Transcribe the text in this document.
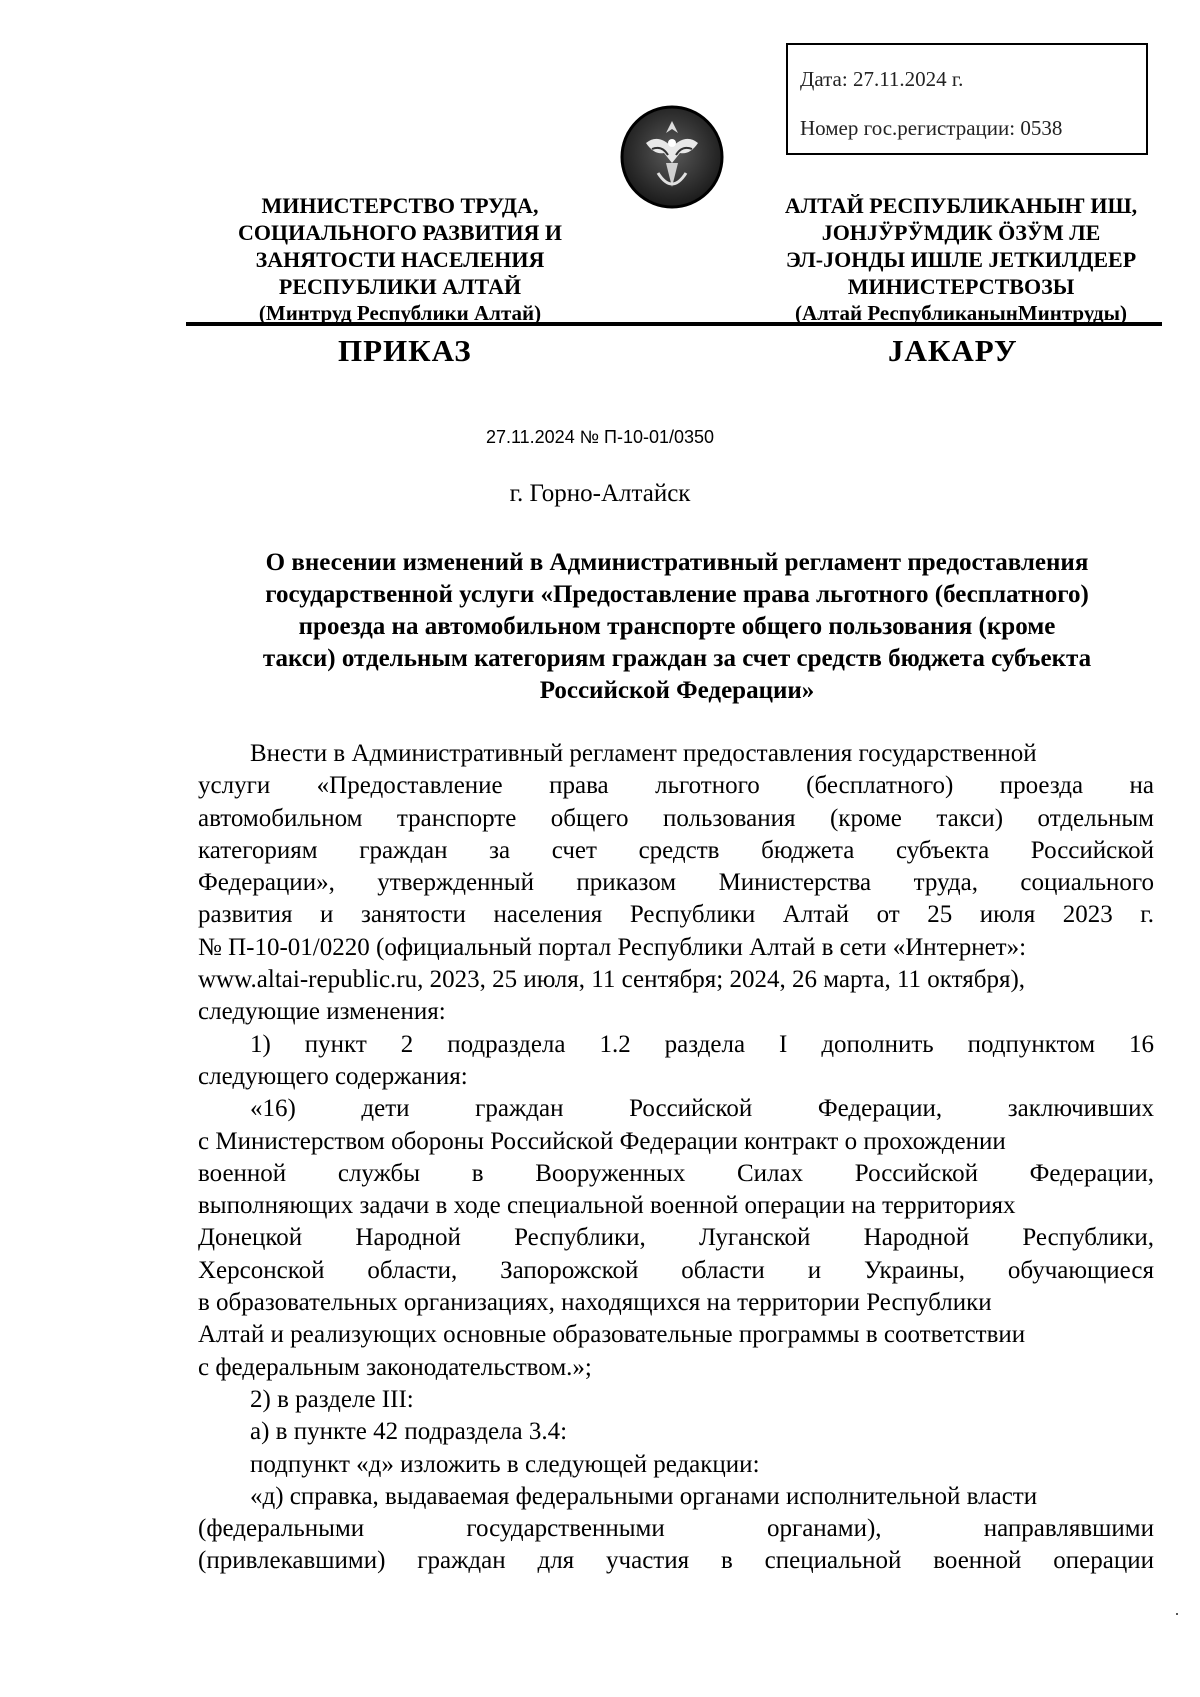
Дата: 27.11.2024 г.
Номер гос.регистрации: 0538
МИНИСТЕРСТВО ТРУДА,
СОЦИАЛЬНОГО РАЗВИТИЯ И
ЗАНЯТОСТИ НАСЕЛЕНИЯ
РЕСПУБЛИКИ АЛТАЙ
(Минтруд Республики Алтай)
АЛТАЙ РЕСПУБЛИКАНЫҤ ИШ,
ЈОНЈӰРӰМДИК ӦЗӰМ ЛЕ
ЭЛ-ЈОНДЫ ИШЛЕ ЈЕТКИЛДЕЕР
МИНИСТЕРСТВОЗЫ
(Алтай РеспубликанынМинтруды)
ПРИКАЗ	ЈАКАРУ
27.11.2024 № П-10-01/0350
г. Горно-Алтайск
О внесении изменений в Административный регламент предоставления
государственной услуги «Предоставление права льготного (бесплатного)
проезда на автомобильном транспорте общего пользования (кроме
такси) отдельным категориям граждан за счет средств бюджета субъекта
Российской Федерации»
Внести в Административный регламент предоставления государственной
услуги «Предоставление права льготного (бесплатного) проезда на
автомобильном транспорте общего пользования (кроме такси) отдельным
категориям граждан за счет средств бюджета субъекта Российской
Федерации», утвержденный приказом Министерства труда, социального
развития и занятости населения Республики Алтай от 25 июля 2023 г.
№ П-10-01/0220 (официальный портал Республики Алтай в сети «Интернет»:
www.altai-republic.ru, 2023, 25 июля, 11 сентября; 2024, 26 марта, 11 октября),
следующие изменения:
1) пункт 2 подраздела 1.2 раздела I дополнить подпунктом 16
следующего содержания:
«16) дети граждан Российской Федерации, заключивших
с Министерством обороны Российской Федерации контракт о прохождении
военной службы в Вооруженных Силах Российской Федерации,
выполняющих задачи в ходе специальной военной операции на территориях
Донецкой Народной Республики, Луганской Народной Республики,
Херсонской области, Запорожской области и Украины, обучающиеся
в образовательных организациях, находящихся на территории Республики
Алтай и реализующих основные образовательные программы в соответствии
с федеральным законодательством.»;
2) в разделе III:
а) в пункте 42 подраздела 3.4:
подпункт «д» изложить в следующей редакции:
«д) справка, выдаваемая федеральными органами исполнительной власти
(федеральными государственными органами), направлявшими
(привлекавшими) граждан для участия в специальной военной операции
